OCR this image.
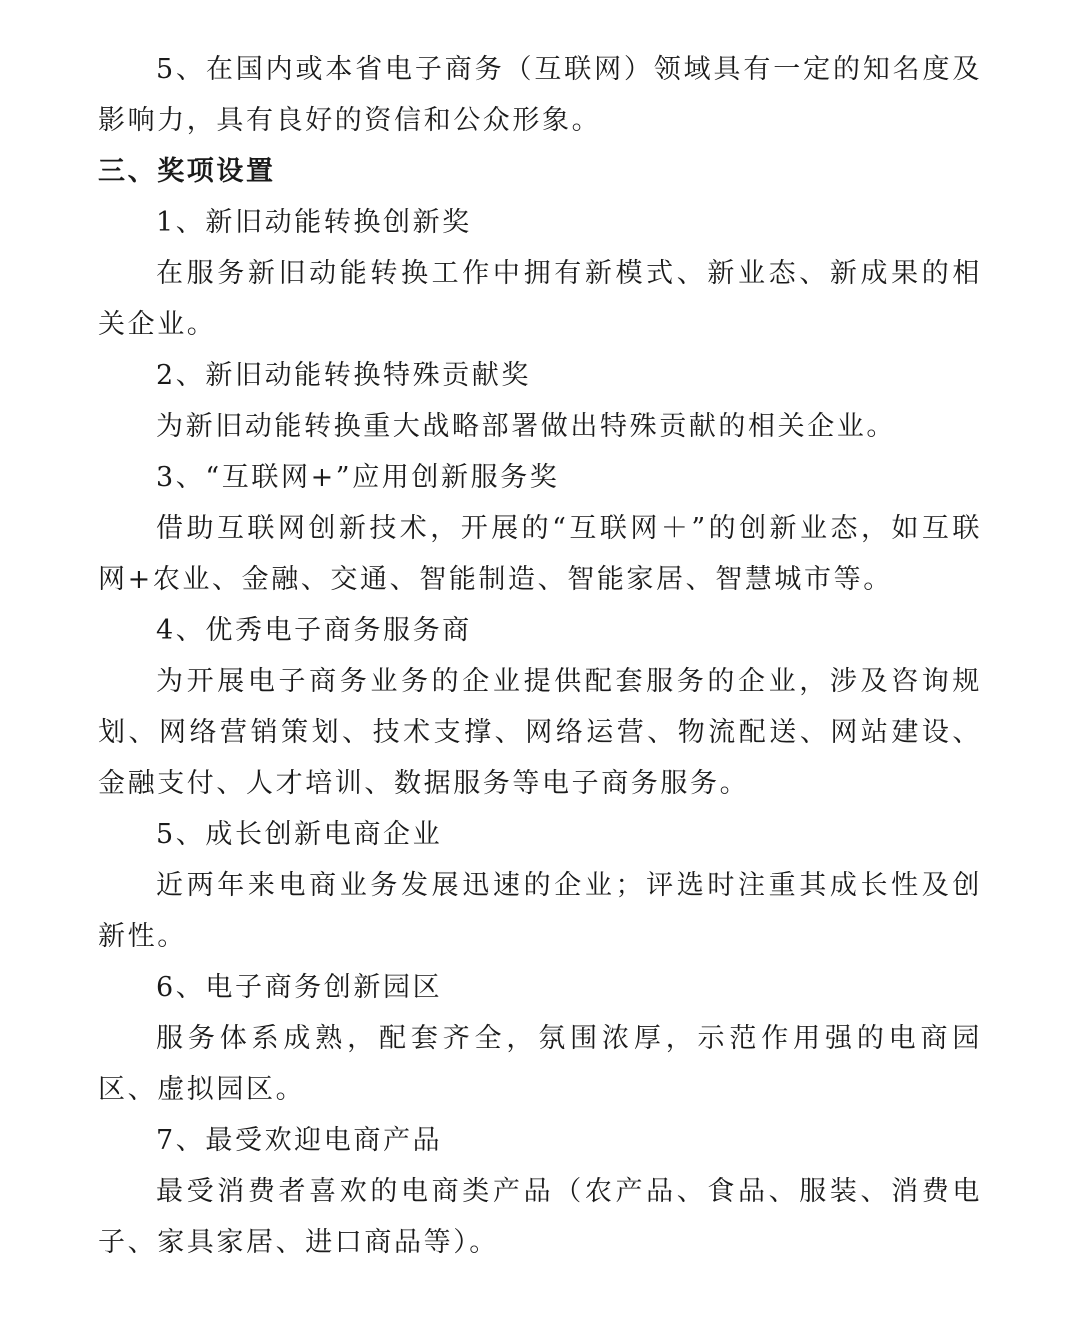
5、在国内或本省电子商务（互联网）领域具有一定的知名度及影响力，具有良好的资信和公众形象。

三、奖项设置

1、新旧动能转换创新奖

在服务新旧动能转换工作中拥有新模式、新业态、新成果的相关企业。

2、新旧动能转换特殊贡献奖

为新旧动能转换重大战略部署做出特殊贡献的相关企业。

3、“互联网+”应用创新服务奖

借助互联网创新技术，开展的“互联网＋”的创新业态，如互联网+农业、金融、交通、智能制造、智能家居、智慧城市等。

4、优秀电子商务服务商

为开展电子商务业务的企业提供配套服务的企业，涉及咨询规划、网络营销策划、技术支撑、网络运营、物流配送、网站建设、金融支付、人才培训、数据服务等电子商务服务。

5、成长创新电商企业

近两年来电商业务发展迅速的企业；评选时注重其成长性及创新性。

6、电子商务创新园区

服务体系成熟，配套齐全，氛围浓厚，示范作用强的电商园区、虚拟园区。

7、最受欢迎电商产品

最受消费者喜欢的电商类产品（农产品、食品、服装、消费电子、家具家居、进口商品等）。
